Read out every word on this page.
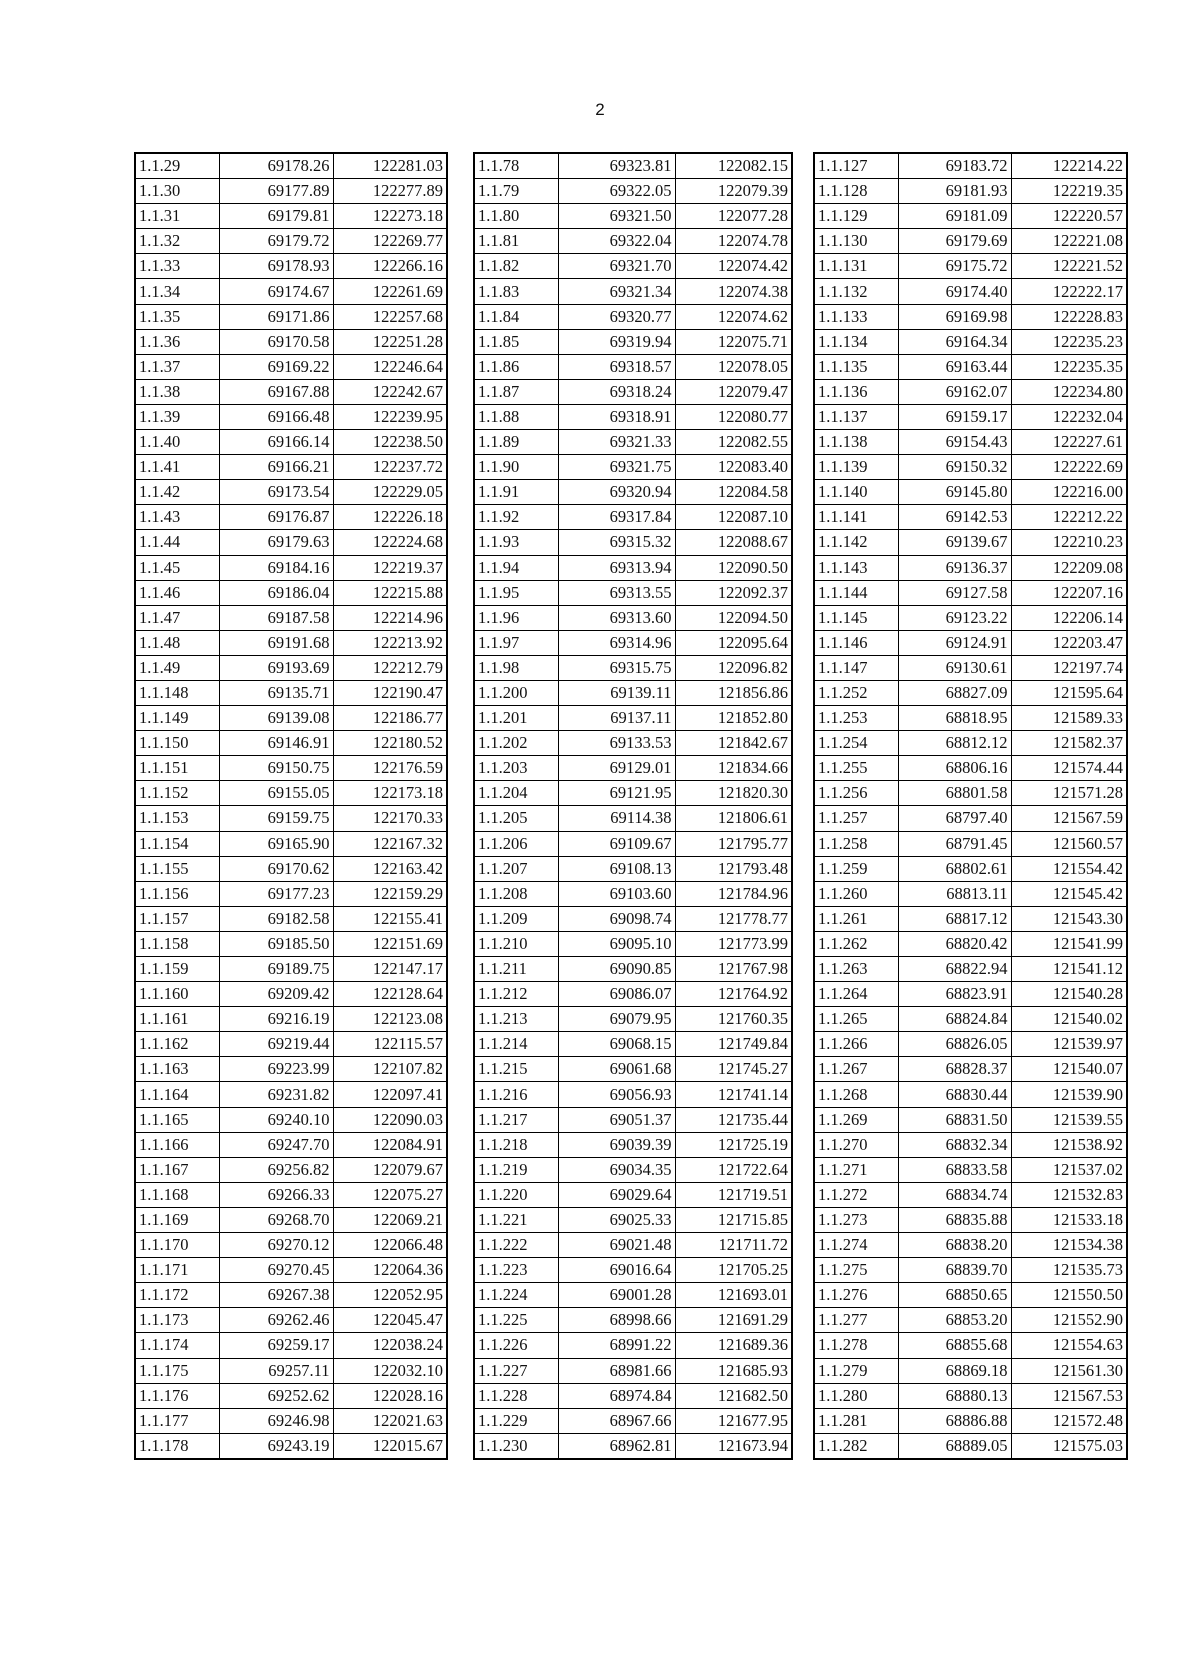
2
1.1.29	69178.26	122281.03
1.1.30	69177.89	122277.89
1.1.31	69179.81	122273.18
1.1.32	69179.72	122269.77
1.1.33	69178.93	122266.16
1.1.34	69174.67	122261.69
1.1.35	69171.86	122257.68
1.1.36	69170.58	122251.28
1.1.37	69169.22	122246.64
1.1.38	69167.88	122242.67
1.1.39	69166.48	122239.95
1.1.40	69166.14	122238.50
1.1.41	69166.21	122237.72
1.1.42	69173.54	122229.05
1.1.43	69176.87	122226.18
1.1.44	69179.63	122224.68
1.1.45	69184.16	122219.37
1.1.46	69186.04	122215.88
1.1.47	69187.58	122214.96
1.1.48	69191.68	122213.92
1.1.49	69193.69	122212.79
1.1.148	69135.71	122190.47
1.1.149	69139.08	122186.77
1.1.150	69146.91	122180.52
1.1.151	69150.75	122176.59
1.1.152	69155.05	122173.18
1.1.153	69159.75	122170.33
1.1.154	69165.90	122167.32
1.1.155	69170.62	122163.42
1.1.156	69177.23	122159.29
1.1.157	69182.58	122155.41
1.1.158	69185.50	122151.69
1.1.159	69189.75	122147.17
1.1.160	69209.42	122128.64
1.1.161	69216.19	122123.08
1.1.162	69219.44	122115.57
1.1.163	69223.99	122107.82
1.1.164	69231.82	122097.41
1.1.165	69240.10	122090.03
1.1.166	69247.70	122084.91
1.1.167	69256.82	122079.67
1.1.168	69266.33	122075.27
1.1.169	69268.70	122069.21
1.1.170	69270.12	122066.48
1.1.171	69270.45	122064.36
1.1.172	69267.38	122052.95
1.1.173	69262.46	122045.47
1.1.174	69259.17	122038.24
1.1.175	69257.11	122032.10
1.1.176	69252.62	122028.16
1.1.177	69246.98	122021.63
1.1.178	69243.19	122015.67
1.1.78	69323.81	122082.15
1.1.79	69322.05	122079.39
1.1.80	69321.50	122077.28
1.1.81	69322.04	122074.78
1.1.82	69321.70	122074.42
1.1.83	69321.34	122074.38
1.1.84	69320.77	122074.62
1.1.85	69319.94	122075.71
1.1.86	69318.57	122078.05
1.1.87	69318.24	122079.47
1.1.88	69318.91	122080.77
1.1.89	69321.33	122082.55
1.1.90	69321.75	122083.40
1.1.91	69320.94	122084.58
1.1.92	69317.84	122087.10
1.1.93	69315.32	122088.67
1.1.94	69313.94	122090.50
1.1.95	69313.55	122092.37
1.1.96	69313.60	122094.50
1.1.97	69314.96	122095.64
1.1.98	69315.75	122096.82
1.1.200	69139.11	121856.86
1.1.201	69137.11	121852.80
1.1.202	69133.53	121842.67
1.1.203	69129.01	121834.66
1.1.204	69121.95	121820.30
1.1.205	69114.38	121806.61
1.1.206	69109.67	121795.77
1.1.207	69108.13	121793.48
1.1.208	69103.60	121784.96
1.1.209	69098.74	121778.77
1.1.210	69095.10	121773.99
1.1.211	69090.85	121767.98
1.1.212	69086.07	121764.92
1.1.213	69079.95	121760.35
1.1.214	69068.15	121749.84
1.1.215	69061.68	121745.27
1.1.216	69056.93	121741.14
1.1.217	69051.37	121735.44
1.1.218	69039.39	121725.19
1.1.219	69034.35	121722.64
1.1.220	69029.64	121719.51
1.1.221	69025.33	121715.85
1.1.222	69021.48	121711.72
1.1.223	69016.64	121705.25
1.1.224	69001.28	121693.01
1.1.225	68998.66	121691.29
1.1.226	68991.22	121689.36
1.1.227	68981.66	121685.93
1.1.228	68974.84	121682.50
1.1.229	68967.66	121677.95
1.1.230	68962.81	121673.94
1.1.127	69183.72	122214.22
1.1.128	69181.93	122219.35
1.1.129	69181.09	122220.57
1.1.130	69179.69	122221.08
1.1.131	69175.72	122221.52
1.1.132	69174.40	122222.17
1.1.133	69169.98	122228.83
1.1.134	69164.34	122235.23
1.1.135	69163.44	122235.35
1.1.136	69162.07	122234.80
1.1.137	69159.17	122232.04
1.1.138	69154.43	122227.61
1.1.139	69150.32	122222.69
1.1.140	69145.80	122216.00
1.1.141	69142.53	122212.22
1.1.142	69139.67	122210.23
1.1.143	69136.37	122209.08
1.1.144	69127.58	122207.16
1.1.145	69123.22	122206.14
1.1.146	69124.91	122203.47
1.1.147	69130.61	122197.74
1.1.252	68827.09	121595.64
1.1.253	68818.95	121589.33
1.1.254	68812.12	121582.37
1.1.255	68806.16	121574.44
1.1.256	68801.58	121571.28
1.1.257	68797.40	121567.59
1.1.258	68791.45	121560.57
1.1.259	68802.61	121554.42
1.1.260	68813.11	121545.42
1.1.261	68817.12	121543.30
1.1.262	68820.42	121541.99
1.1.263	68822.94	121541.12
1.1.264	68823.91	121540.28
1.1.265	68824.84	121540.02
1.1.266	68826.05	121539.97
1.1.267	68828.37	121540.07
1.1.268	68830.44	121539.90
1.1.269	68831.50	121539.55
1.1.270	68832.34	121538.92
1.1.271	68833.58	121537.02
1.1.272	68834.74	121532.83
1.1.273	68835.88	121533.18
1.1.274	68838.20	121534.38
1.1.275	68839.70	121535.73
1.1.276	68850.65	121550.50
1.1.277	68853.20	121552.90
1.1.278	68855.68	121554.63
1.1.279	68869.18	121561.30
1.1.280	68880.13	121567.53
1.1.281	68886.88	121572.48
1.1.282	68889.05	121575.03
